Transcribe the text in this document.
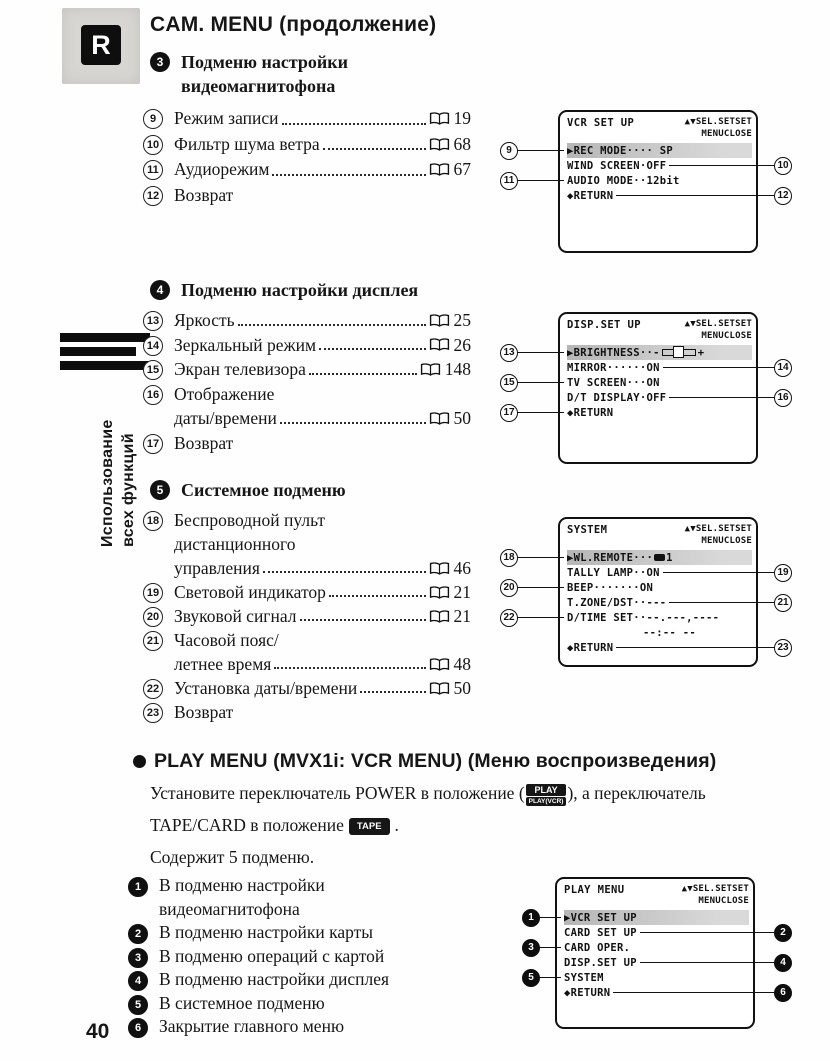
R
CAM. MENU (продолжение)
3 Подменю настройки
видеомагнитофона
4 Подменю настройки дисплея
5 Системное подменю
PLAY MENU (MVX1i: VCR MENU) (Меню воспроизведения)
Установите переключатель POWER в положение (	PLAY
PLAY(VCR) ), а переключатель
TAPE/CARD в положение TAPE .
Содержит 5 подменю.
Использование всех функций
40
9	Режим записи	19
10 Фильтр шума ветра	68
11 Аудиорежим	67
12 Возврат
VCR SET UP	▲▼SEL.SETSET
MENUCLOSE
▶REC MODE···· SP
WIND SCREEN·OFF
AUDIO MODE··12bit
◆RETURN
9
10
11
12
13 Яркость	25
14 Зеркальный режим	26
15 Экран телевизора	148
16 Отображение
даты/времени	50
17 Возврат
DISP.SET UP	▲▼SEL.SETSET
MENUCLOSE
▶BRIGHTNESS·· -	+
MIRROR······ON
TV SCREEN···ON
D/T DISPLAY·OFF
◆RETURN
13
14
15
16
17
18 Беспроводной пульт
дистанционного
управления	46
19 Световой индикатор	21
20 Звуковой сигнал	21
21 Часовой пояс/
летнее время	48
22 Установка даты/времени	50
23 Возврат
SYSTEM	▲▼SEL.SETSET
MENUCLOSE
▶WL.REMOTE··· 1
TALLY LAMP··ON
BEEP·······ON
T.ZONE/DST··---
D/TIME SET··--.---,----
--:-- --
◆RETURN
18
19
20
21
22
23
1	В подменю настройки
видеомагнитофона
2	В подменю настройки карты
3	В подменю операций с картой
4	В подменю настройки дисплея
5	В системное подменю
6	Закрытие главного меню
PLAY MENU	▲▼SEL.SETSET
MENUCLOSE
▶VCR SET UP
CARD SET UP
CARD OPER.
DISP.SET UP
SYSTEM
◆RETURN
1
2
3
4
5
6
